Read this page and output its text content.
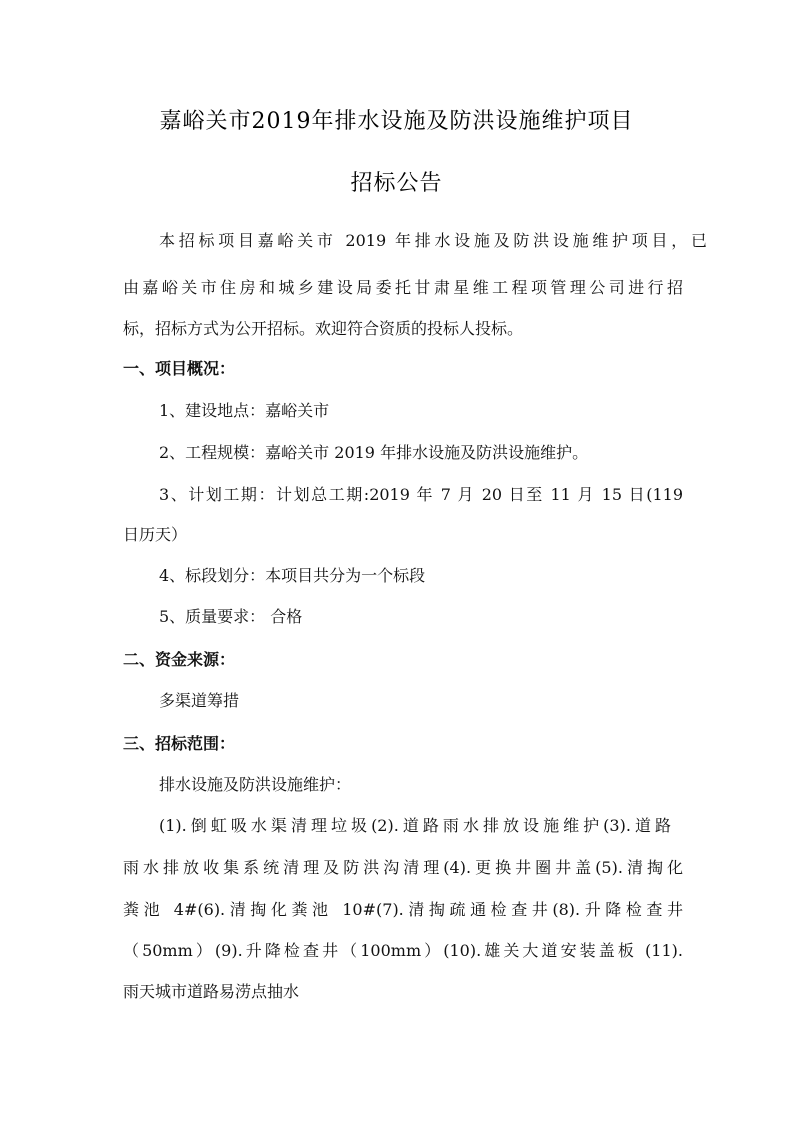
嘉峪关市2019年排水设施及防洪设施维护项目
招标公告
本招标项目嘉峪关市 2019 年排水设施及防洪设施维护项目，已
由嘉峪关市住房和城乡建设局委托甘肃星维工程项管理公司进行招
标，招标方式为公开招标。欢迎符合资质的投标人投标。
一、项目概况：
1、建设地点：嘉峪关市
2、工程规模：嘉峪关市 2019 年排水设施及防洪设施维护。
3、计划工期：计划总工期:2019 年 7 月 20 日至 11 月 15 日(119
日历天）
4、标段划分：本项目共分为一个标段
5、质量要求： 合格
二、资金来源：
多渠道筹措
三、招标范围：
排水设施及防洪设施维护：
(1).倒虹吸水渠清理垃圾(2).道路雨水排放设施维护(3).道路
雨水排放收集系统清理及防洪沟清理(4).更换井圈井盖(5).清掏化
粪池 4#(6).清掏化粪池 10#(7).清掏疏通检查井(8).升降检查井
（50mm）(9).升降检查井（100mm）(10).雄关大道安装盖板 (11).
雨天城市道路易涝点抽水
